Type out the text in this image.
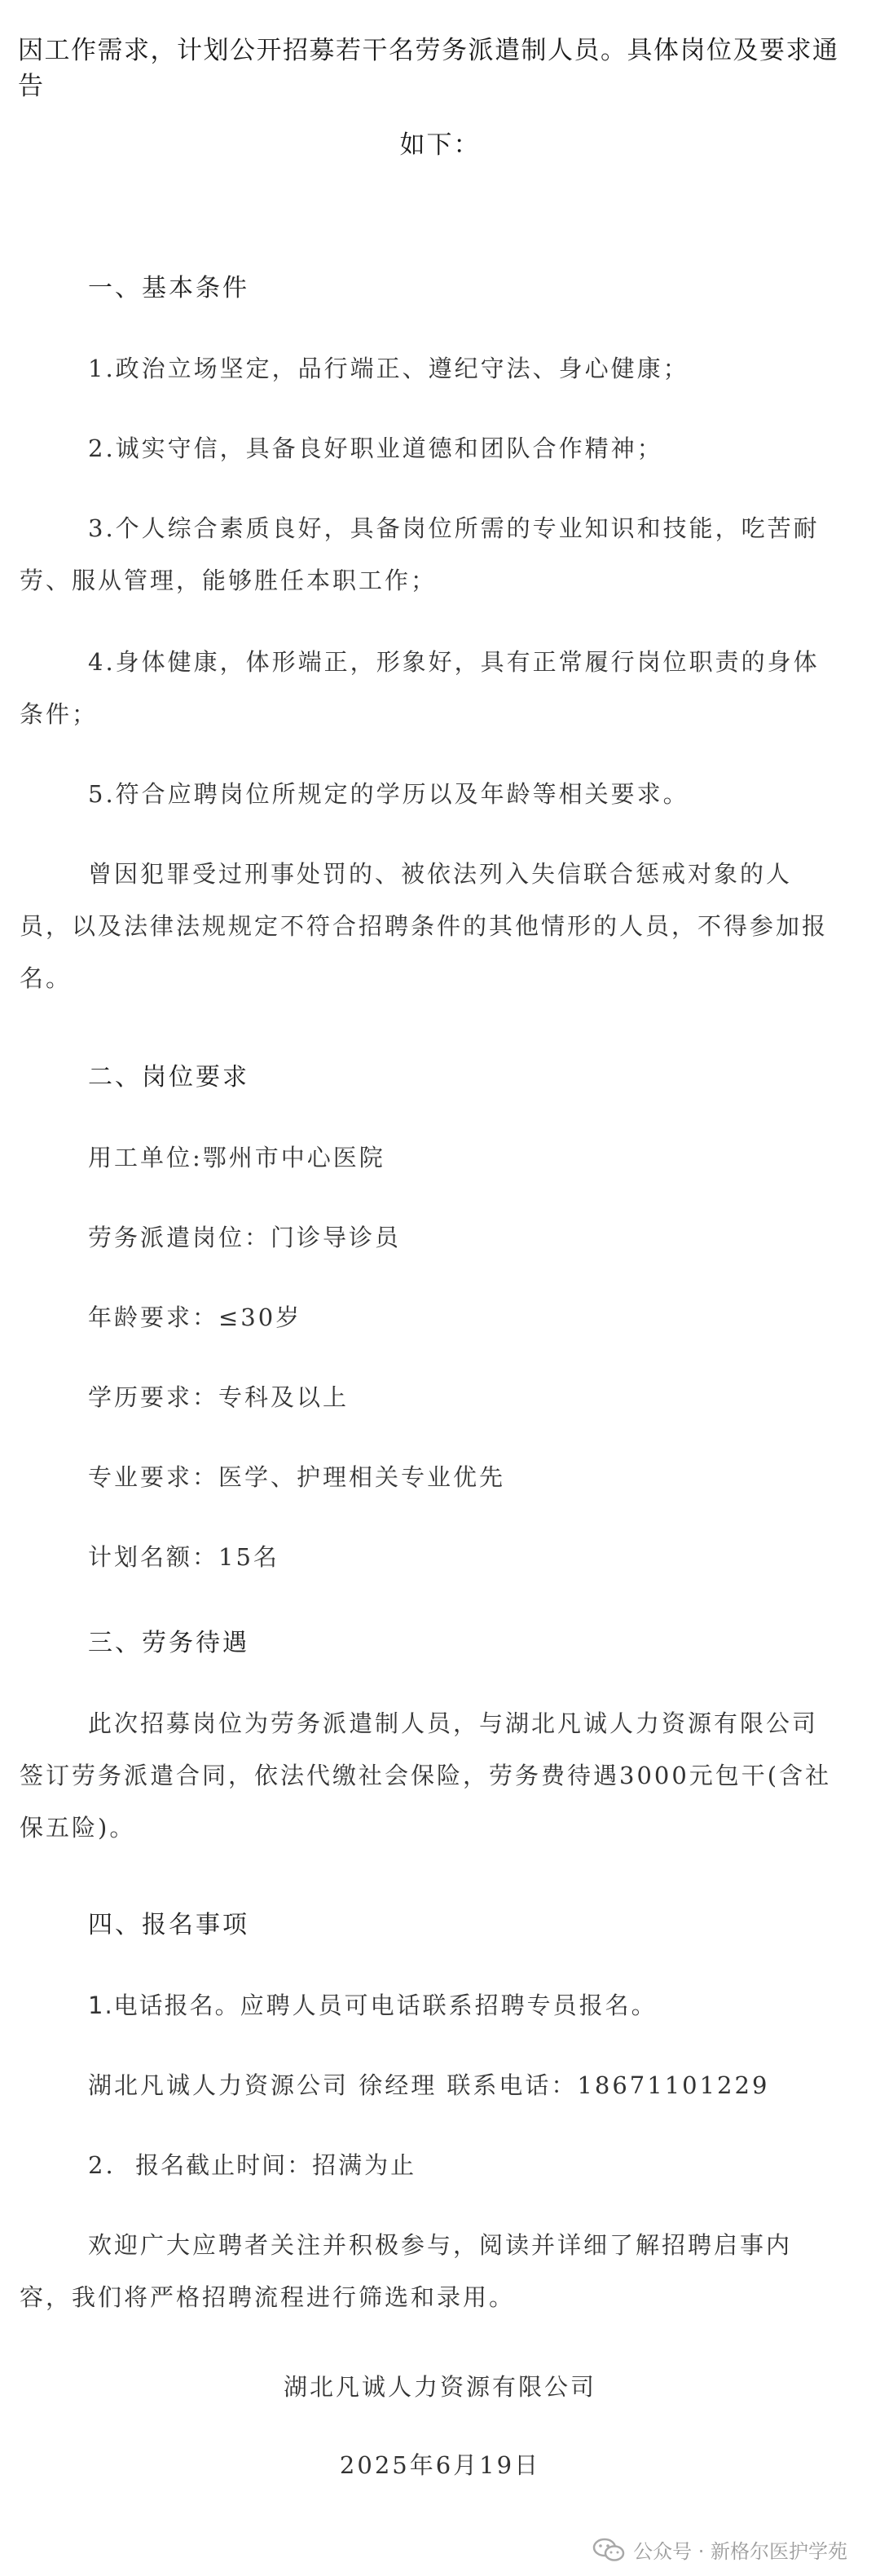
因工作需求，计划公开招募若干名劳务派遣制人员。具体岗位及要求通告
如下：
一、基本条件
1.政治立场坚定，品行端正、遵纪守法、身心健康；
2.诚实守信，具备良好职业道德和团队合作精神；
3.个人综合素质良好，具备岗位所需的专业知识和技能，吃苦耐
劳、服从管理，能够胜任本职工作；
4.身体健康，体形端正，形象好，具有正常履行岗位职责的身体
条件；
5.符合应聘岗位所规定的学历以及年龄等相关要求。
曾因犯罪受过刑事处罚的、被依法列入失信联合惩戒对象的人
员，以及法律法规规定不符合招聘条件的其他情形的人员，不得参加报
名。
二、岗位要求
用工单位:鄂州市中心医院
劳务派遣岗位：门诊导诊员
年龄要求：≤30岁
学历要求：专科及以上
专业要求：医学、护理相关专业优先
计划名额：15名
三、劳务待遇
此次招募岗位为劳务派遣制人员，与湖北凡诚人力资源有限公司
签订劳务派遣合同，依法代缴社会保险，劳务费待遇3000元包干(含社
保五险)。
四、报名事项
1.电话报名。应聘人员可电话联系招聘专员报名。
湖北凡诚人力资源公司 徐经理 联系电话：18671101229
2. 报名截止时间：招满为止
欢迎广大应聘者关注并积极参与，阅读并详细了解招聘启事内
容，我们将严格招聘流程进行筛选和录用。
湖北凡诚人力资源有限公司
2025年6月19日
公众号 · 新格尔医护学苑
